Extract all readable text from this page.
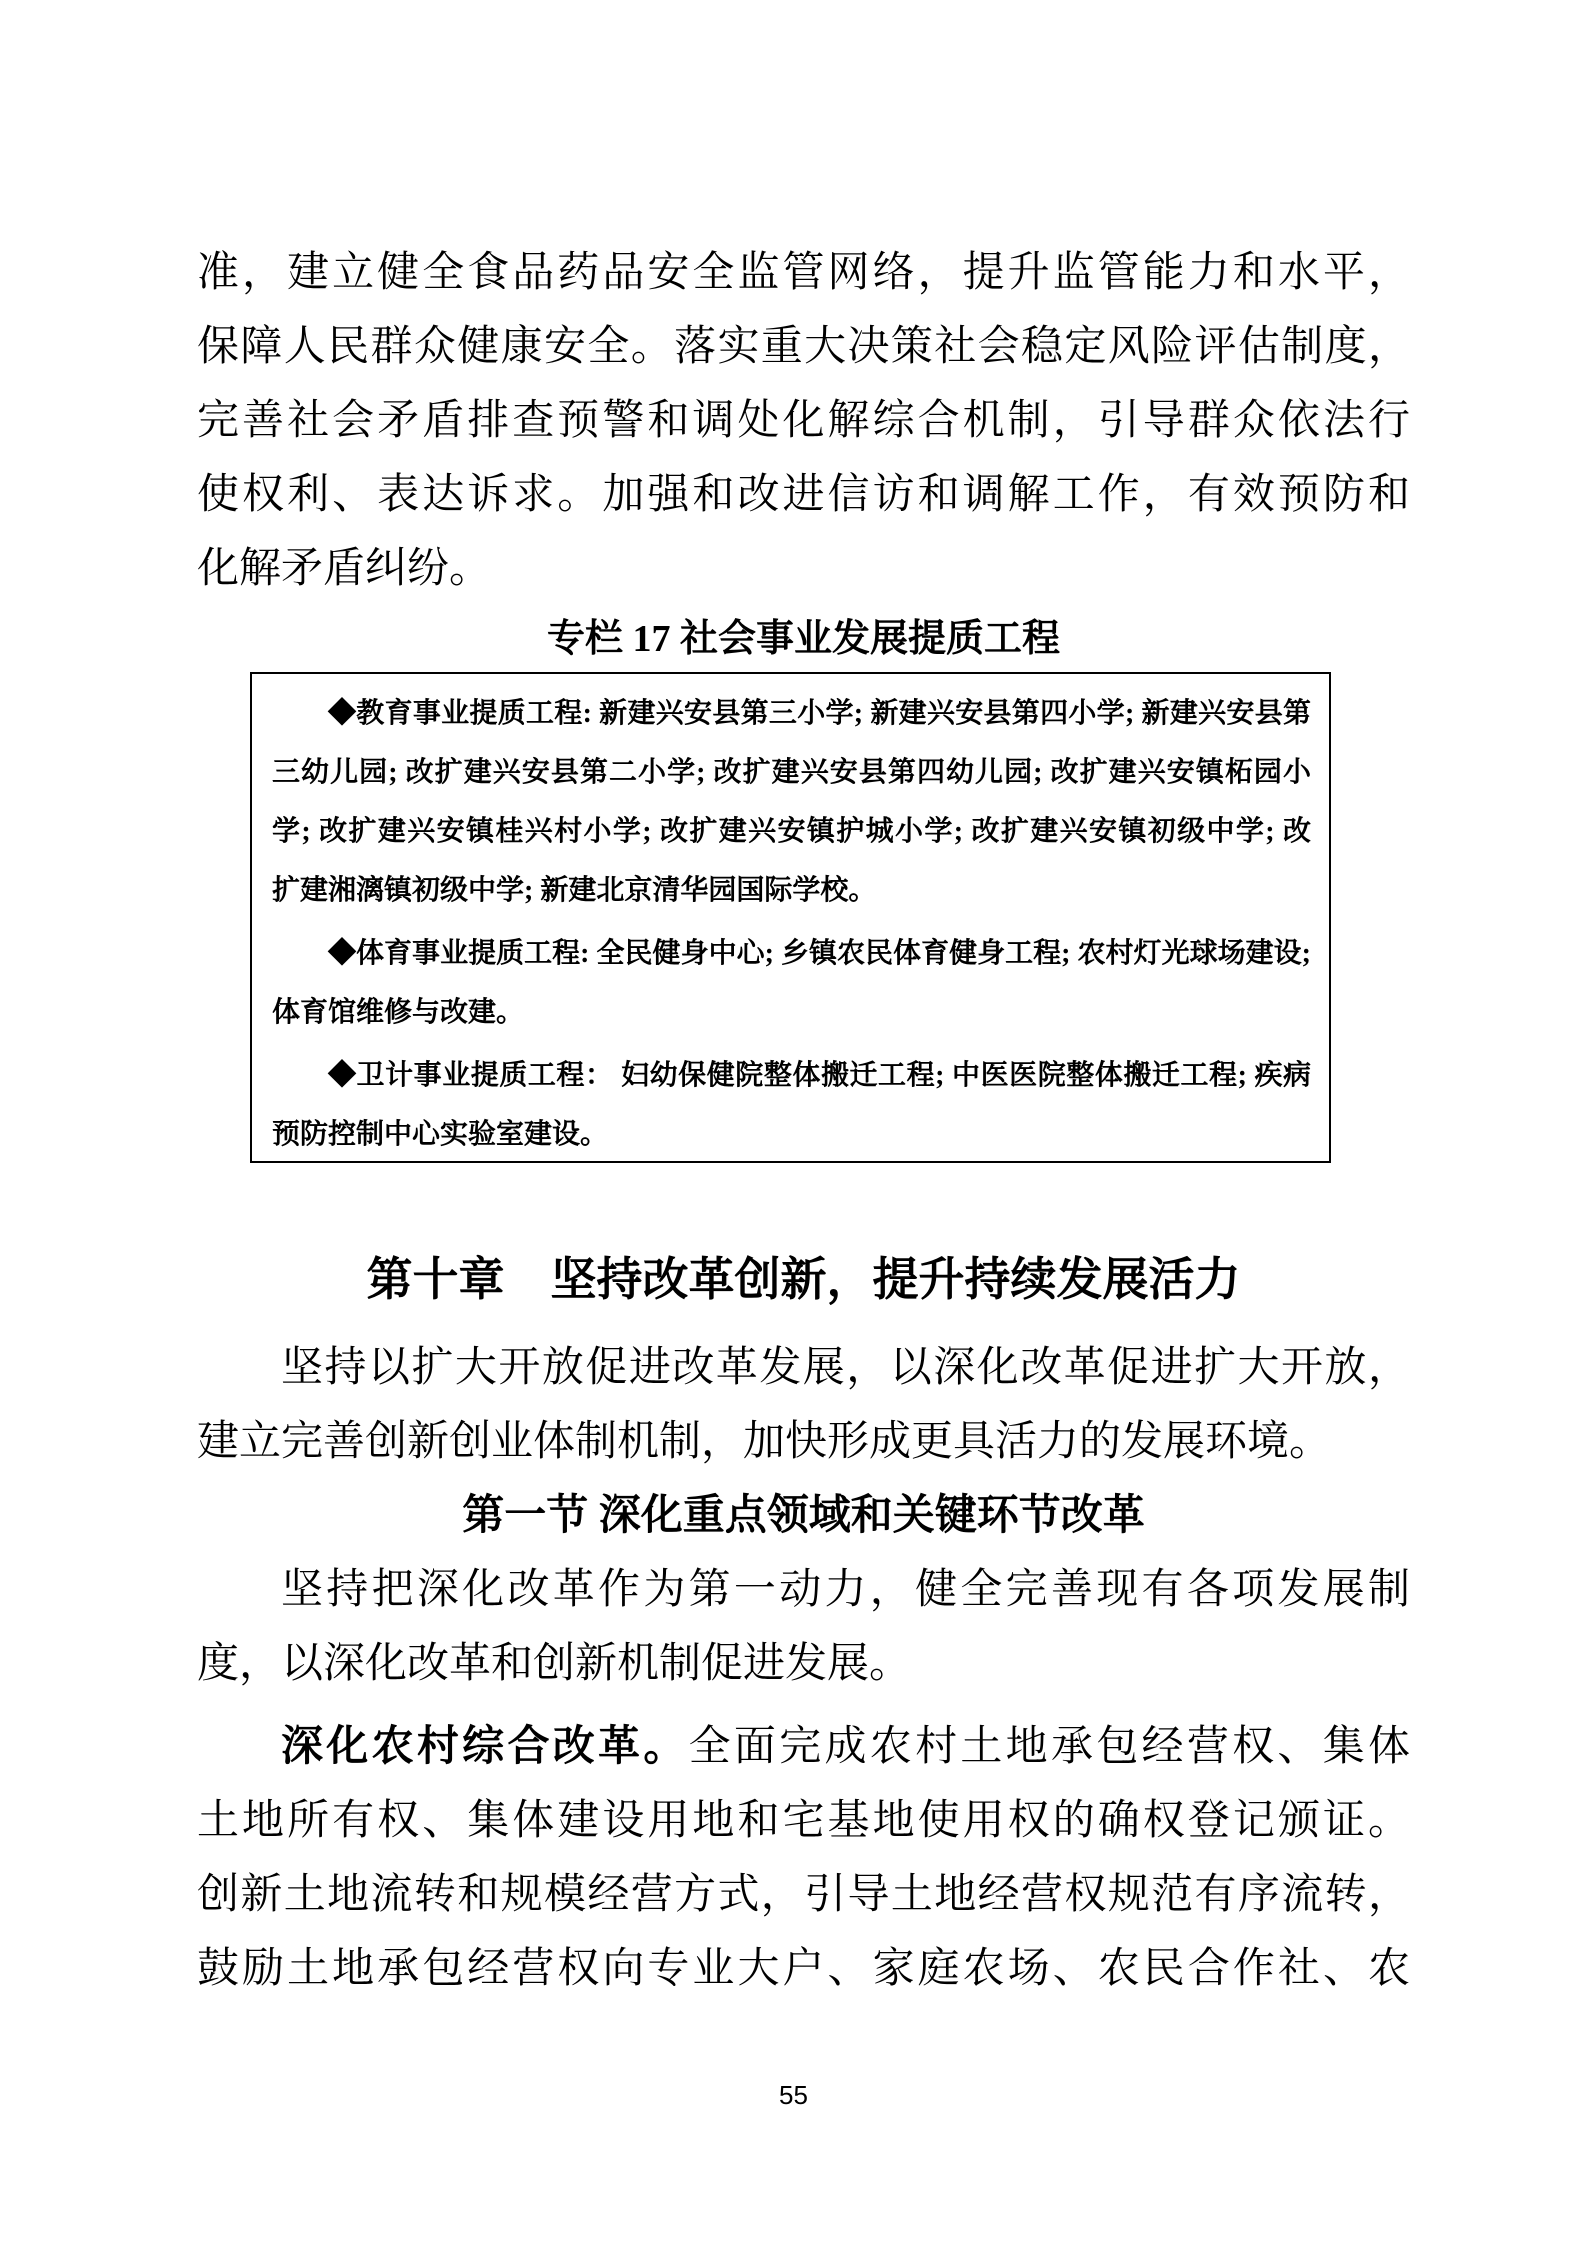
准，建立健全食品药品安全监管网络，提升监管能力和水平，
保障人民群众健康安全。落实重大决策社会稳定风险评估制度，
完善社会矛盾排查预警和调处化解综合机制，引导群众依法行
使权利、表达诉求。加强和改进信访和调解工作，有效预防和
化解矛盾纠纷。
专栏 17 社会事业发展提质工程
◆教育事业提质工程: 新建兴安县第三小学; 新建兴安县第四小学; 新建兴安县第
三幼儿园; 改扩建兴安县第二小学; 改扩建兴安县第四幼儿园; 改扩建兴安镇柘园小
学; 改扩建兴安镇桂兴村小学; 改扩建兴安镇护城小学; 改扩建兴安镇初级中学; 改
扩建湘漓镇初级中学; 新建北京清华园国际学校。
◆体育事业提质工程: 全民健身中心; 乡镇农民体育健身工程; 农村灯光球场建设;
体育馆维修与改建。
◆卫计事业提质工程： 妇幼保健院整体搬迁工程; 中医医院整体搬迁工程; 疾病
预防控制中心实验室建设。
第十章　坚持改革创新，提升持续发展活力
坚持以扩大开放促进改革发展，以深化改革促进扩大开放，
建立完善创新创业体制机制，加快形成更具活力的发展环境。
第一节 深化重点领域和关键环节改革
坚持把深化改革作为第一动力，健全完善现有各项发展制
度，以深化改革和创新机制促进发展。
深化农村综合改革。全面完成农村土地承包经营权、集体
土地所有权、集体建设用地和宅基地使用权的确权登记颁证。
创新土地流转和规模经营方式，引导土地经营权规范有序流转，
鼓励土地承包经营权向专业大户、家庭农场、农民合作社、农
55
